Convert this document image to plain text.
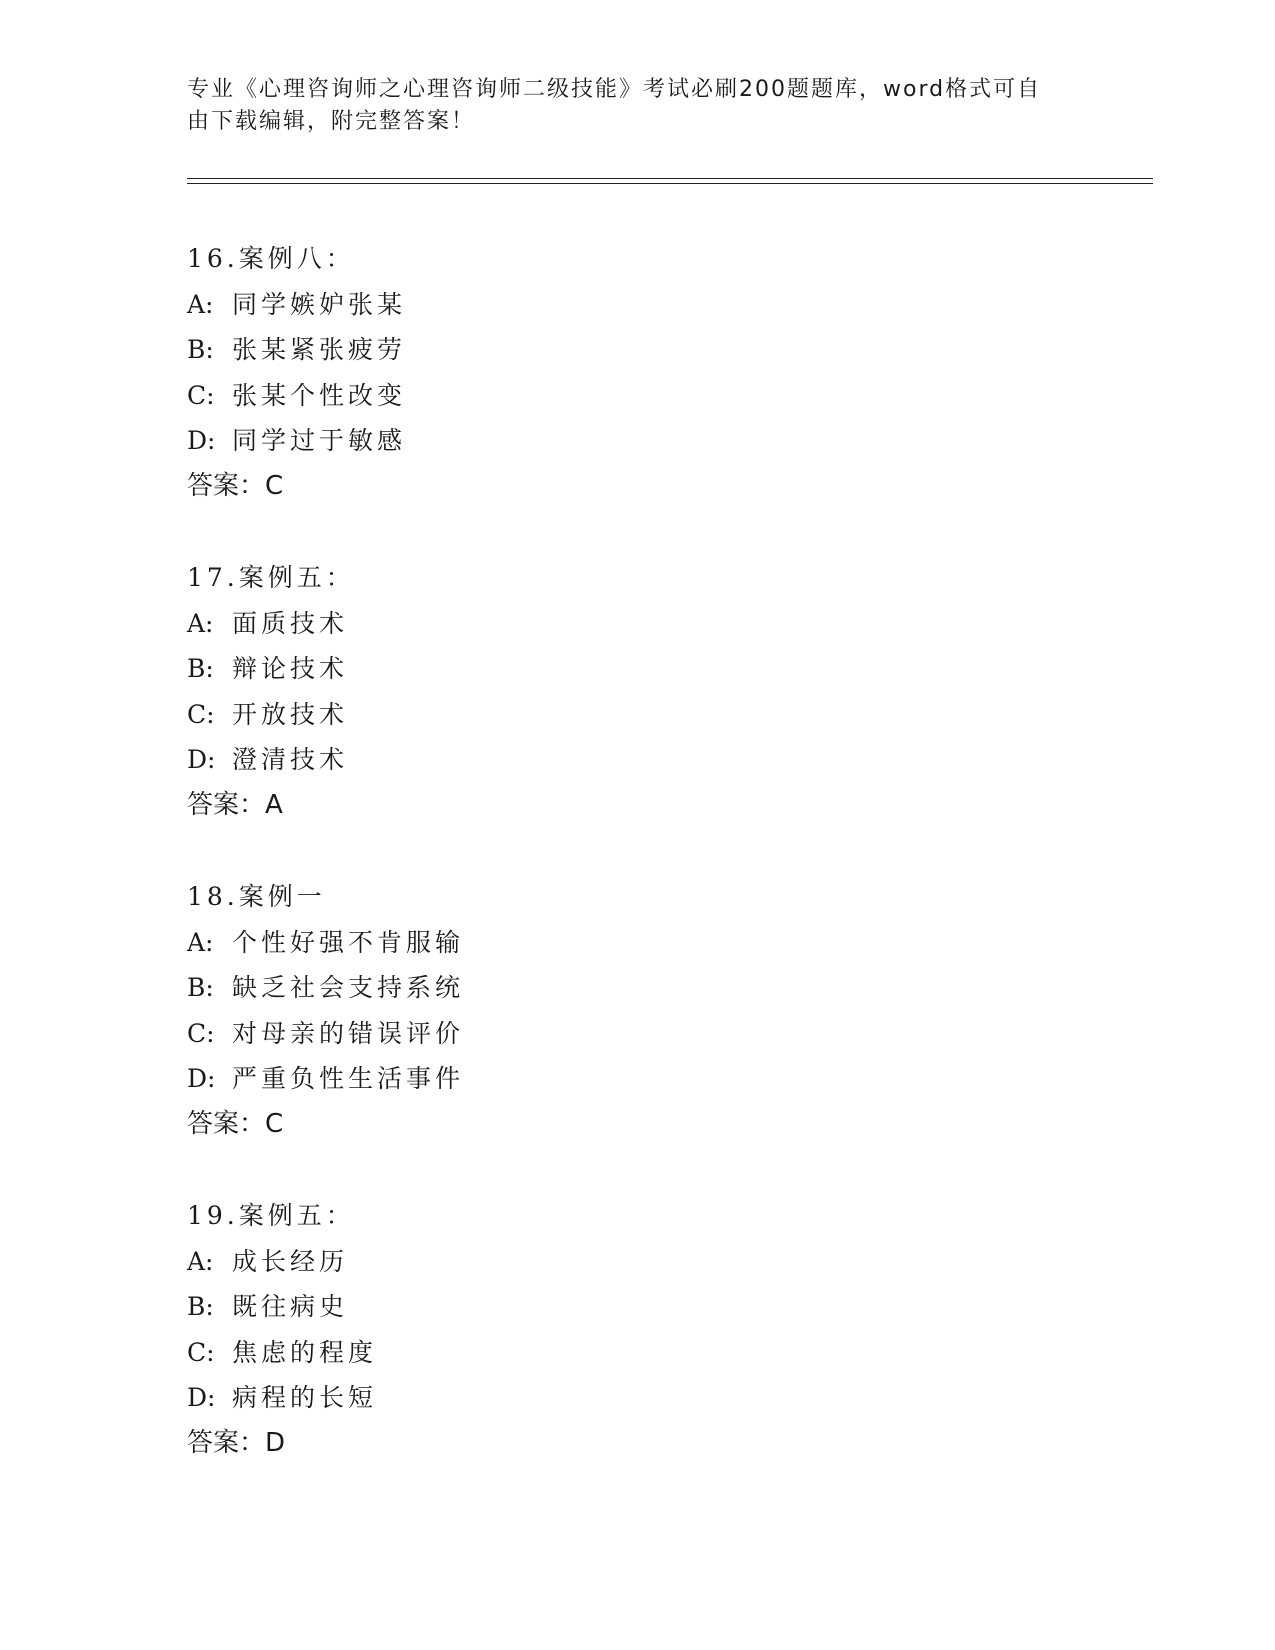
专业《心理咨询师之心理咨询师二级技能》考试必刷200题题库，word格式可自
由下载编辑，附完整答案！
16.案例八：
A: 同学嫉妒张某
B: 张某紧张疲劳
C: 张某个性改变
D: 同学过于敏感
答案：C
17.案例五：
A: 面质技术
B: 辩论技术
C: 开放技术
D: 澄清技术
答案：A
18.案例一
A: 个性好强不肯服输
B: 缺乏社会支持系统
C: 对母亲的错误评价
D: 严重负性生活事件
答案：C
19.案例五：
A: 成长经历
B: 既往病史
C: 焦虑的程度
D: 病程的长短
答案：D
